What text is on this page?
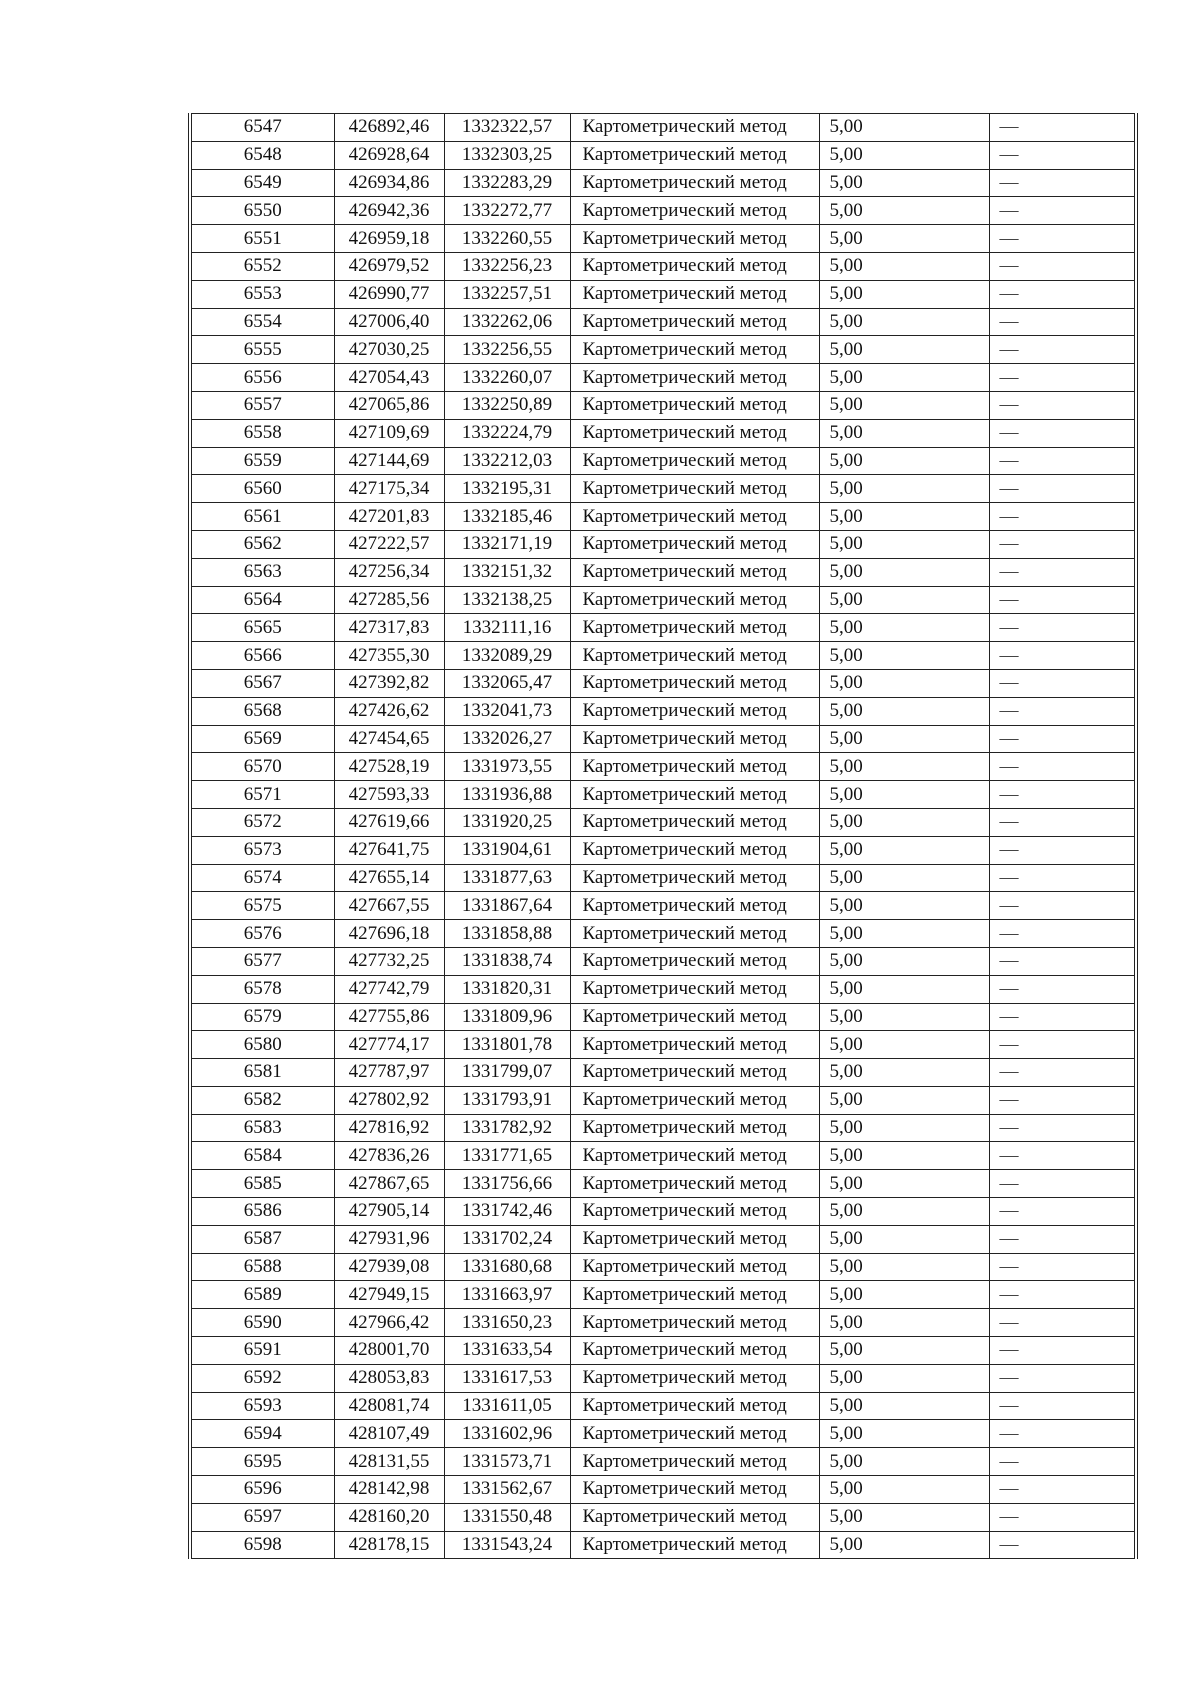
6547	426892,46	1332322,57	Картометрический метод	5,00	—
6548	426928,64	1332303,25	Картометрический метод	5,00	—
6549	426934,86	1332283,29	Картометрический метод	5,00	—
6550	426942,36	1332272,77	Картометрический метод	5,00	—
6551	426959,18	1332260,55	Картометрический метод	5,00	—
6552	426979,52	1332256,23	Картометрический метод	5,00	—
6553	426990,77	1332257,51	Картометрический метод	5,00	—
6554	427006,40	1332262,06	Картометрический метод	5,00	—
6555	427030,25	1332256,55	Картометрический метод	5,00	—
6556	427054,43	1332260,07	Картометрический метод	5,00	—
6557	427065,86	1332250,89	Картометрический метод	5,00	—
6558	427109,69	1332224,79	Картометрический метод	5,00	—
6559	427144,69	1332212,03	Картометрический метод	5,00	—
6560	427175,34	1332195,31	Картометрический метод	5,00	—
6561	427201,83	1332185,46	Картометрический метод	5,00	—
6562	427222,57	1332171,19	Картометрический метод	5,00	—
6563	427256,34	1332151,32	Картометрический метод	5,00	—
6564	427285,56	1332138,25	Картометрический метод	5,00	—
6565	427317,83	1332111,16	Картометрический метод	5,00	—
6566	427355,30	1332089,29	Картометрический метод	5,00	—
6567	427392,82	1332065,47	Картометрический метод	5,00	—
6568	427426,62	1332041,73	Картометрический метод	5,00	—
6569	427454,65	1332026,27	Картометрический метод	5,00	—
6570	427528,19	1331973,55	Картометрический метод	5,00	—
6571	427593,33	1331936,88	Картометрический метод	5,00	—
6572	427619,66	1331920,25	Картометрический метод	5,00	—
6573	427641,75	1331904,61	Картометрический метод	5,00	—
6574	427655,14	1331877,63	Картометрический метод	5,00	—
6575	427667,55	1331867,64	Картометрический метод	5,00	—
6576	427696,18	1331858,88	Картометрический метод	5,00	—
6577	427732,25	1331838,74	Картометрический метод	5,00	—
6578	427742,79	1331820,31	Картометрический метод	5,00	—
6579	427755,86	1331809,96	Картометрический метод	5,00	—
6580	427774,17	1331801,78	Картометрический метод	5,00	—
6581	427787,97	1331799,07	Картометрический метод	5,00	—
6582	427802,92	1331793,91	Картометрический метод	5,00	—
6583	427816,92	1331782,92	Картометрический метод	5,00	—
6584	427836,26	1331771,65	Картометрический метод	5,00	—
6585	427867,65	1331756,66	Картометрический метод	5,00	—
6586	427905,14	1331742,46	Картометрический метод	5,00	—
6587	427931,96	1331702,24	Картометрический метод	5,00	—
6588	427939,08	1331680,68	Картометрический метод	5,00	—
6589	427949,15	1331663,97	Картометрический метод	5,00	—
6590	427966,42	1331650,23	Картометрический метод	5,00	—
6591	428001,70	1331633,54	Картометрический метод	5,00	—
6592	428053,83	1331617,53	Картометрический метод	5,00	—
6593	428081,74	1331611,05	Картометрический метод	5,00	—
6594	428107,49	1331602,96	Картометрический метод	5,00	—
6595	428131,55	1331573,71	Картометрический метод	5,00	—
6596	428142,98	1331562,67	Картометрический метод	5,00	—
6597	428160,20	1331550,48	Картометрический метод	5,00	—
6598	428178,15	1331543,24	Картометрический метод	5,00	—
